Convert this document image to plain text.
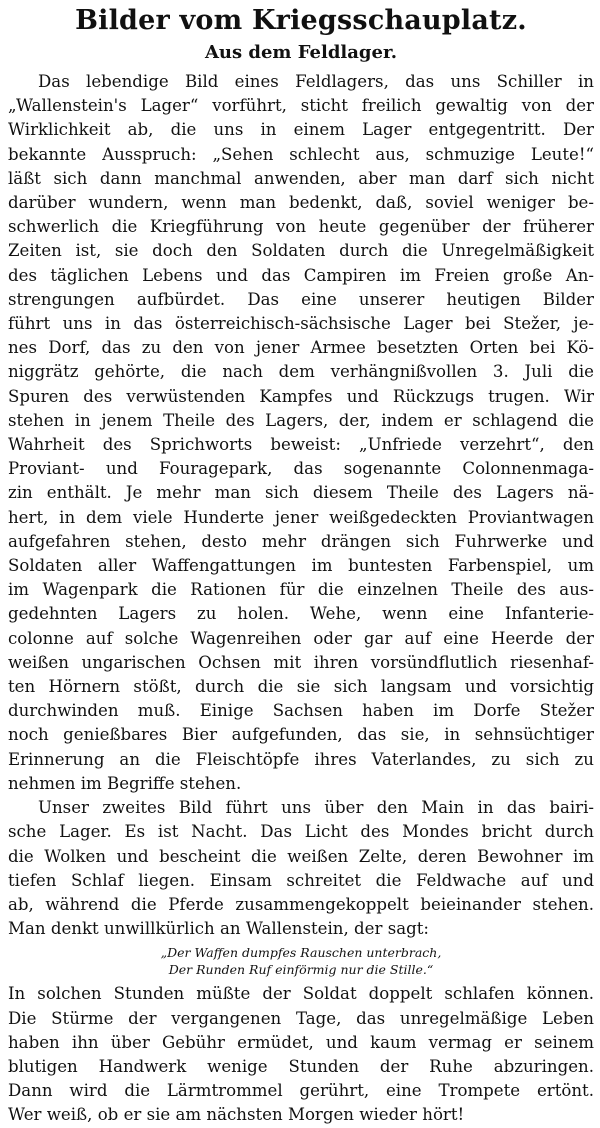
Bilder vom Kriegsschauplatz.
Aus dem Feldlager.
Das lebendige Bild eines Feldlagers, das uns Schiller in
„Wallenstein's Lager“ vorführt, sticht freilich gewaltig von der
Wirklichkeit ab, die uns in einem Lager entgegentritt. Der
bekannte Ausspruch: „Sehen schlecht aus, schmuzige Leute!“
läßt sich dann manchmal anwenden, aber man darf sich nicht
darüber wundern, wenn man bedenkt, daß, soviel weniger be-
schwerlich die Kriegführung von heute gegenüber der früherer
Zeiten ist, sie doch den Soldaten durch die Unregelmäßigkeit
des täglichen Lebens und das Campiren im Freien große An-
strengungen aufbürdet. Das eine unserer heutigen Bilder
führt uns in das österreichisch-sächsische Lager bei Stežer, je-
nes Dorf, das zu den von jener Armee besetzten Orten bei Kö-
niggrätz gehörte, die nach dem verhängnißvollen 3. Juli die
Spuren des verwüstenden Kampfes und Rückzugs trugen. Wir
stehen in jenem Theile des Lagers, der, indem er schlagend die
Wahrheit des Sprichworts beweist: „Unfriede verzehrt“, den
Proviant- und Fouragepark, das sogenannte Colonnenmaga-
zin enthält. Je mehr man sich diesem Theile des Lagers nä-
hert, in dem viele Hunderte jener weißgedeckten Proviantwagen
aufgefahren stehen, desto mehr drängen sich Fuhrwerke und
Soldaten aller Waffengattungen im buntesten Farbenspiel, um
im Wagenpark die Rationen für die einzelnen Theile des aus-
gedehnten Lagers zu holen. Wehe, wenn eine Infanterie-
colonne auf solche Wagenreihen oder gar auf eine Heerde der
weißen ungarischen Ochsen mit ihren vorsündflutlich riesenhaf-
ten Hörnern stößt, durch die sie sich langsam und vorsichtig
durchwinden muß. Einige Sachsen haben im Dorfe Stežer
noch genießbares Bier aufgefunden, das sie, in sehnsüchtiger
Erinnerung an die Fleischtöpfe ihres Vaterlandes, zu sich zu
nehmen im Begriffe stehen.
Unser zweites Bild führt uns über den Main in das bairi-
sche Lager. Es ist Nacht. Das Licht des Mondes bricht durch
die Wolken und bescheint die weißen Zelte, deren Bewohner im
tiefen Schlaf liegen. Einsam schreitet die Feldwache auf und
ab, während die Pferde zusammengekoppelt beieinander stehen.
Man denkt unwillkürlich an Wallenstein, der sagt:
„Der Waffen dumpfes Rauschen unterbrach,
Der Runden Ruf einförmig nur die Stille.“
In solchen Stunden müßte der Soldat doppelt schlafen können.
Die Stürme der vergangenen Tage, das unregelmäßige Leben
haben ihn über Gebühr ermüdet, und kaum vermag er seinem
blutigen Handwerk wenige Stunden der Ruhe abzuringen.
Dann wird die Lärmtrommel gerührt, eine Trompete ertönt.
Wer weiß, ob er sie am nächsten Morgen wieder hört!
